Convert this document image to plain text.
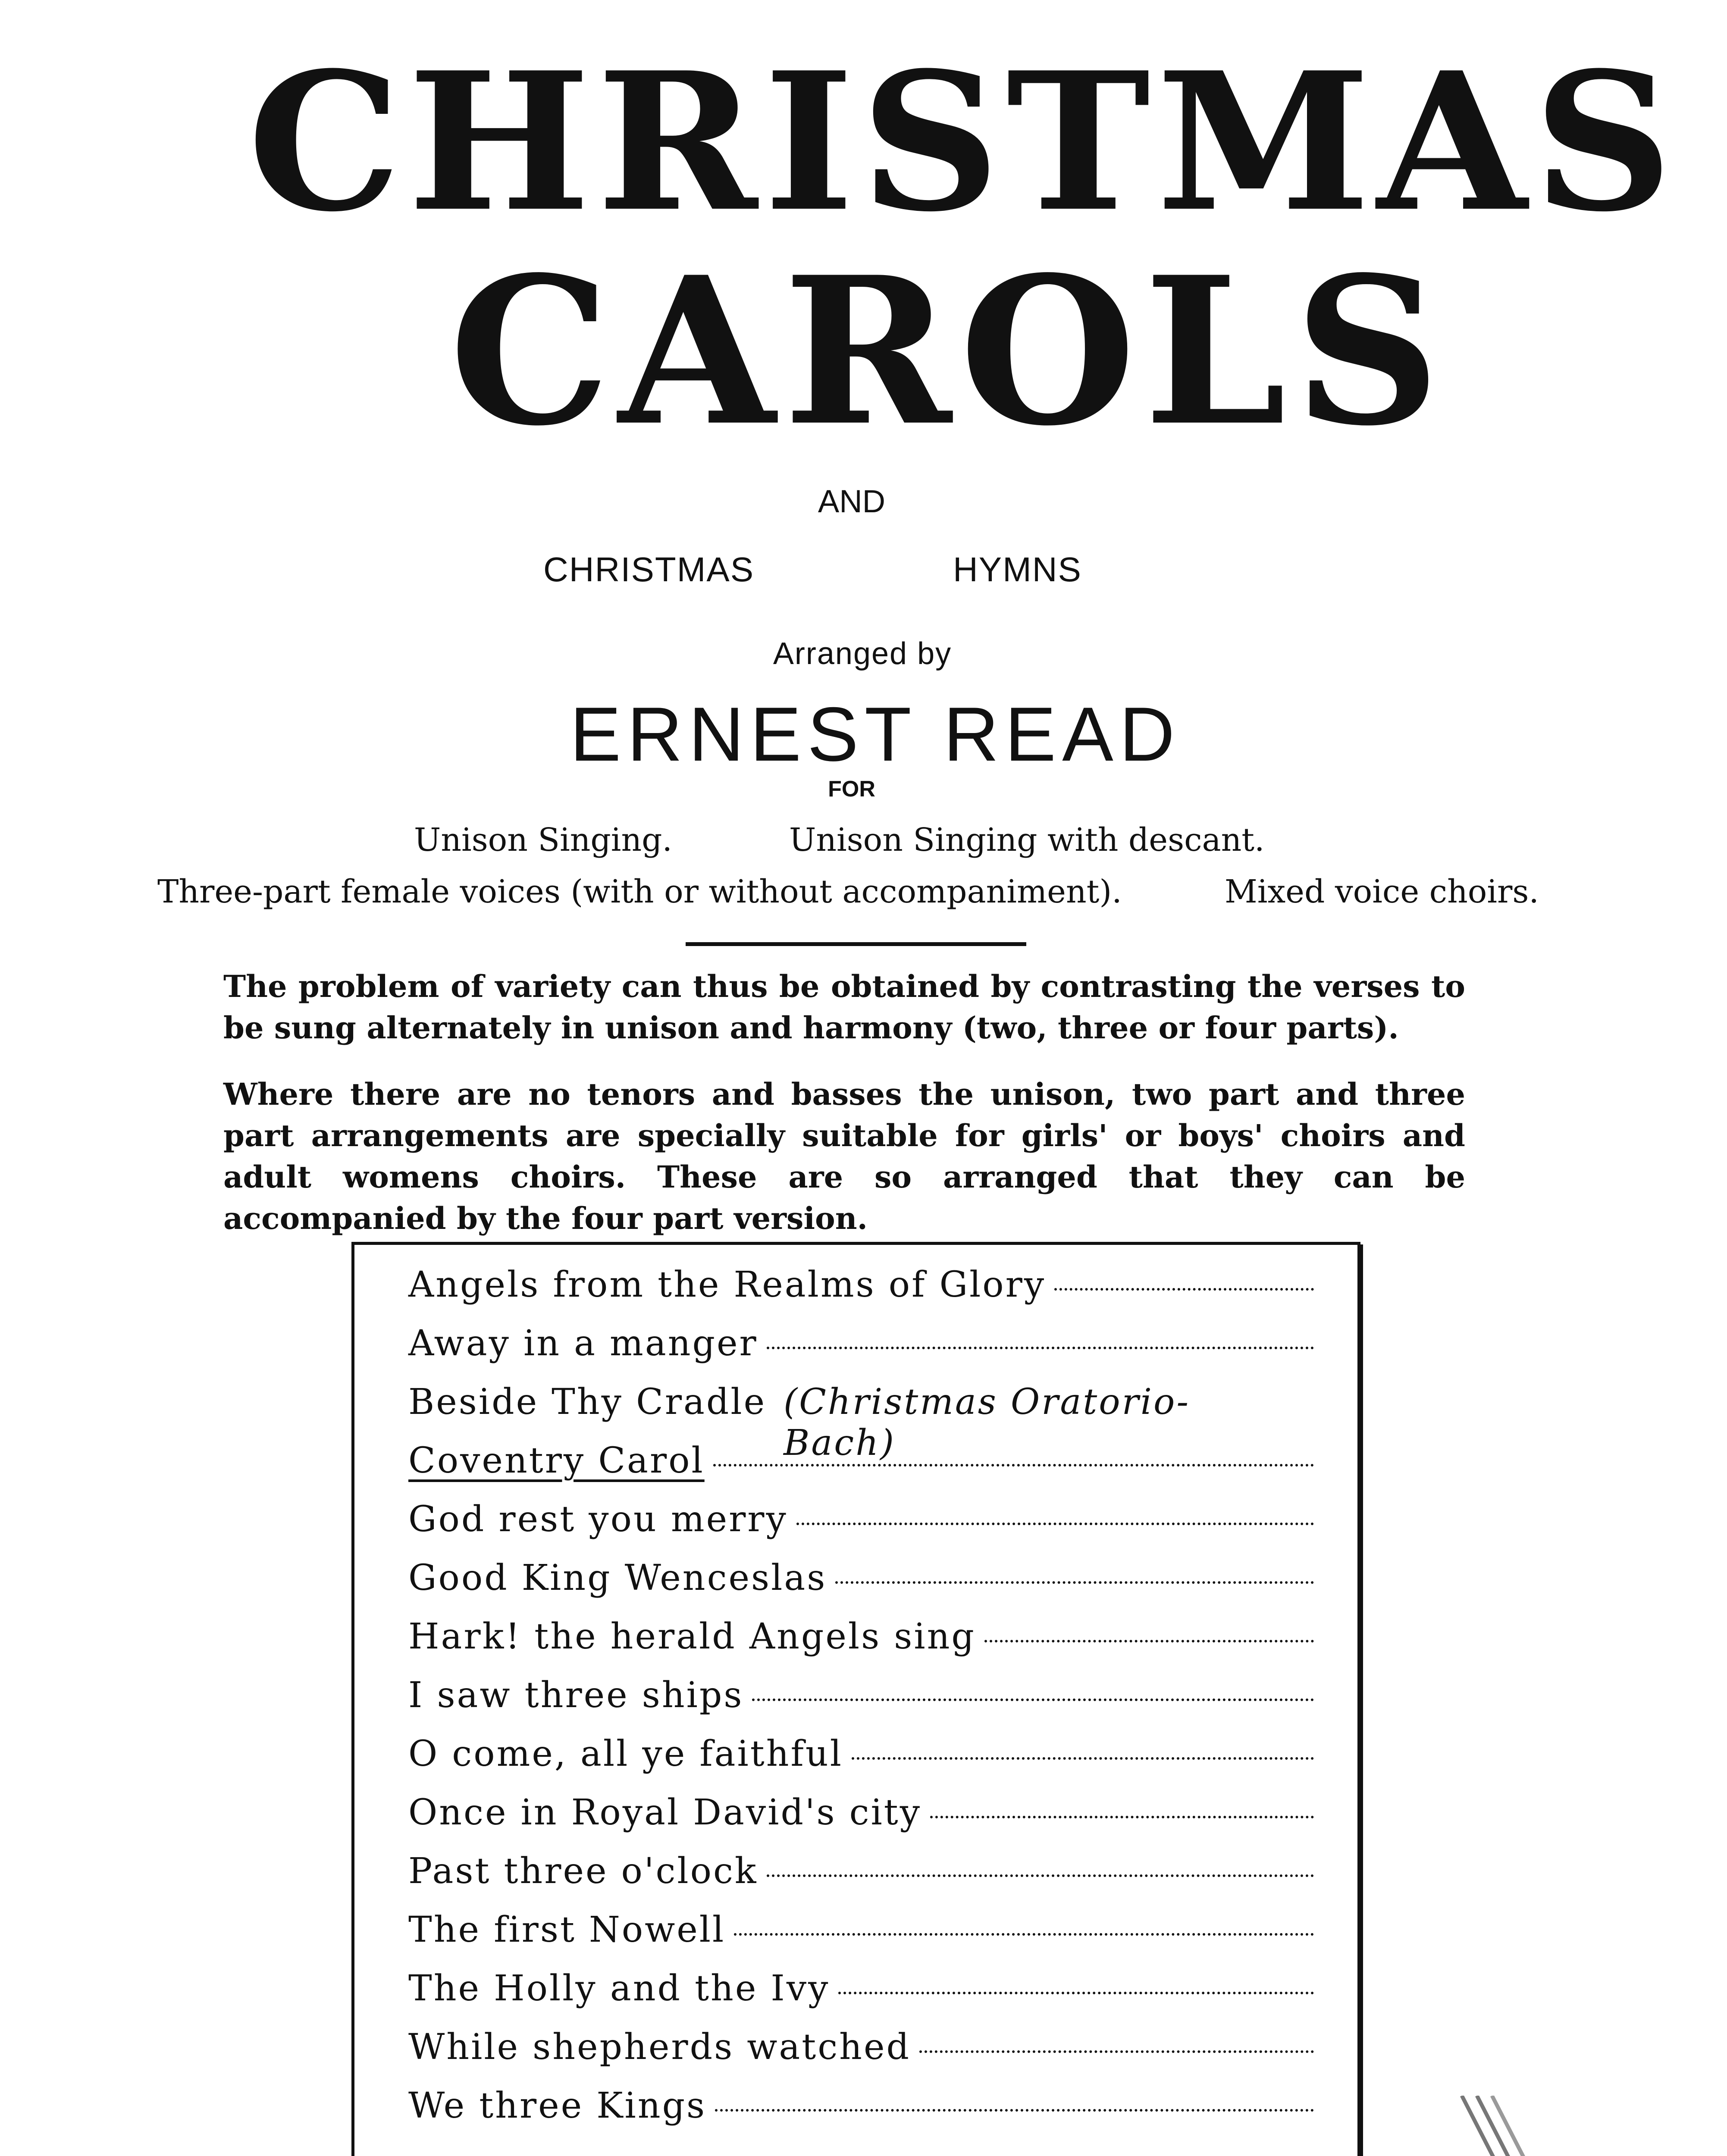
CHRISTMAS
CAROLS
AND
CHRISTMAS	HYMNS
Arranged by
ERNEST READ
FOR
Unison Singing.	Unison Singing with descant.
Three-part female voices (with or without accompaniment).	Mixed voice choirs.
The problem of variety can thus be obtained by contrasting the verses to be sung alternately in unison and harmony (two, three or four parts).
Where there are no tenors and basses the unison, two part and three part arrangements are specially suitable for girls' or boys' choirs and adult womens choirs. These are so arranged that they can be accompanied by the four part version.
Angels from the Realms of Glory
Away in a manger
Beside Thy Cradle (Christmas Oratorio- Bach)
Coventry Carol
God rest you merry
Good King Wenceslas
Hark! the herald Angels sing
I saw three ships
O come, all ye faithful
Once in Royal David's city
Past three o'clock
The first Nowell
The Holly and the Ivy
While shepherds watched
We three Kings
